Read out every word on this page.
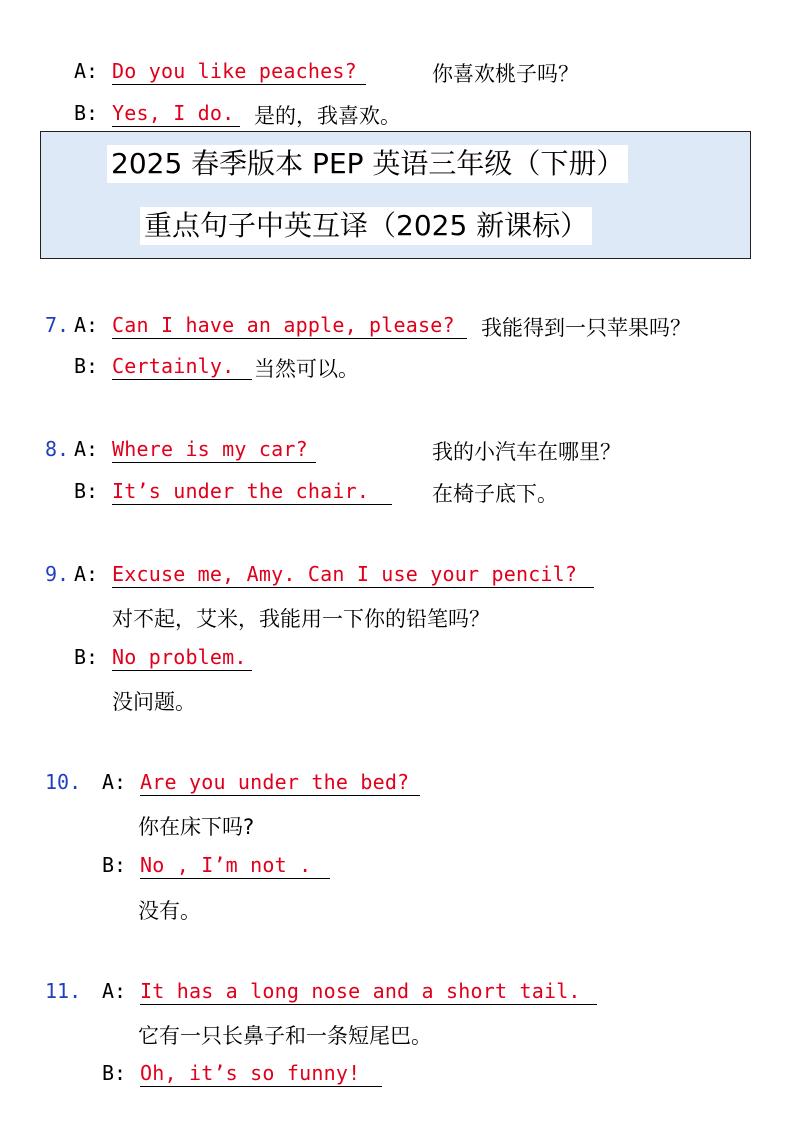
A: Do you like peaches?	你喜欢桃子吗？
B: Yes, I do. 是的，我喜欢。
2025 春季版本 PEP 英语三年级（下册）
重点句子中英互译（2025 新课标）
7. A: Can I have an apple, please?	我能得到一只苹果吗？
B: Certainly. 当然可以。
8. A: Where is my car?	我的小汽车在哪里？
B: It’s under the chair.	在椅子底下。
9. A: Excuse me, Amy. Can I use your pencil?
对不起，艾米，我能用一下你的铅笔吗？
B: No problem.
没问题。
10. A: Are you under the bed?
你在床下吗?
B: No , I’m not .
没有。
11. A: It has a long nose and a short tail.
它有一只长鼻子和一条短尾巴。
B: Oh, it’s so funny!
